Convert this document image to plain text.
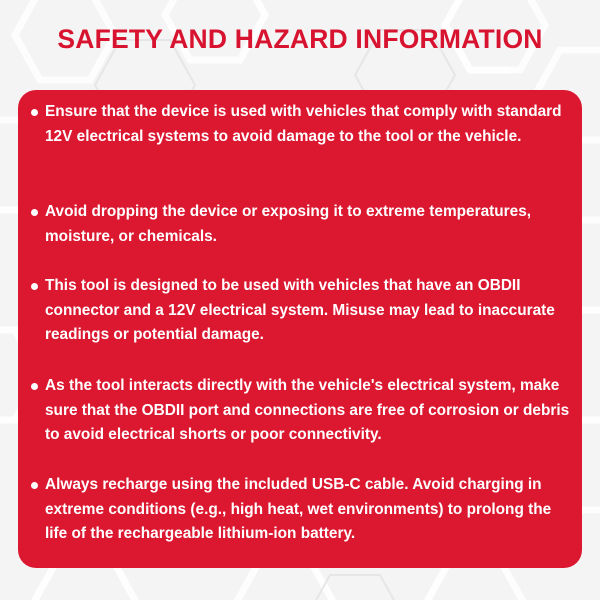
SAFETY AND HAZARD INFORMATION
Ensure that the device is used with vehicles that comply with standard 12V electrical systems to avoid damage to the tool or the vehicle.
Avoid dropping the device or exposing it to extreme temperatures, moisture, or chemicals.
This tool is designed to be used with vehicles that have an OBDII connector and a 12V electrical system. Misuse may lead to inaccurate readings or potential damage.
As the tool interacts directly with the vehicle's electrical system, make sure that the OBDII port and connections are free of corrosion or debris to avoid electrical shorts or poor connectivity.
Always recharge using the included USB-C cable. Avoid charging in extreme conditions (e.g., high heat, wet environments) to prolong the life of the rechargeable lithium-ion battery.
